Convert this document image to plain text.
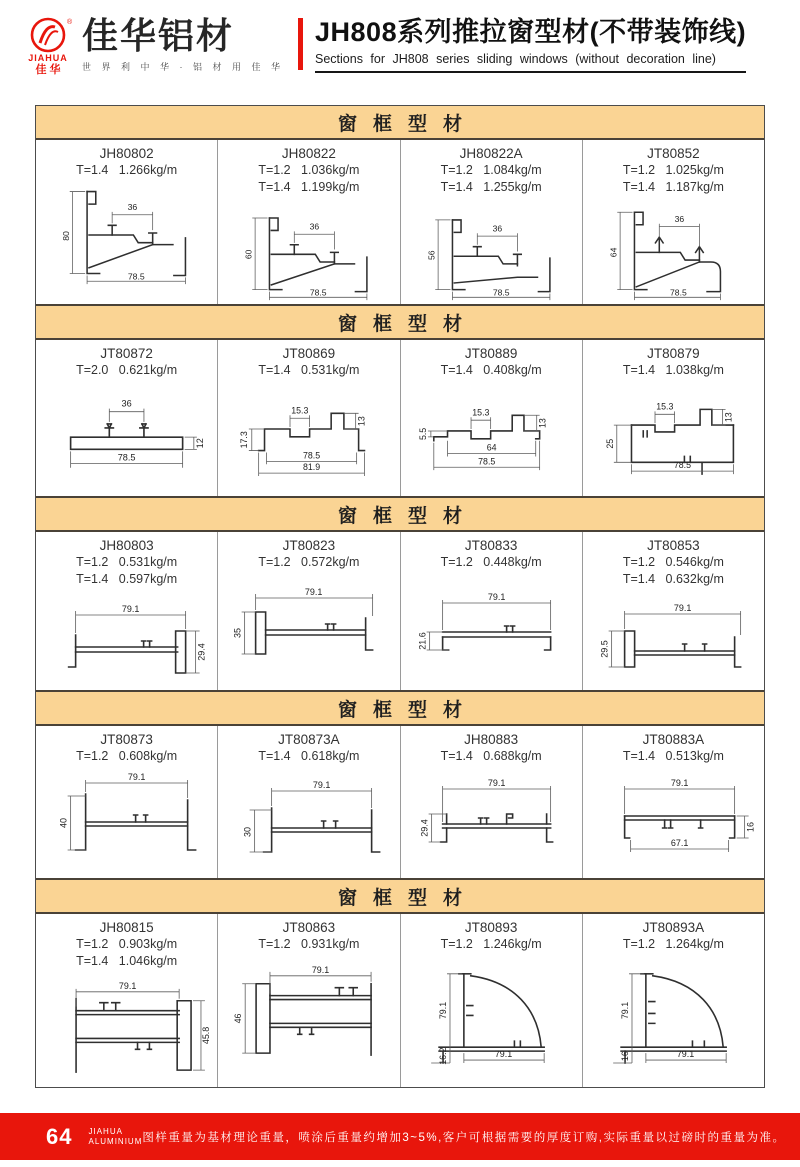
®
JIAHUA
佳 华
佳华铝材
世 界 利 中 华 · 铝 材 用 佳 华
JH808系列推拉窗型材(不带装饰线)
Sections for JH808 series sliding windows (without decoration line)
窗框型材
JH80802
T=1.4   1.266kg/m
36
80
78.5
JH80822
T=1.2   1.036kg/m
T=1.4   1.199kg/m
36
60
78.5
JH80822A
T=1.2   1.084kg/m
T=1.4   1.255kg/m
36
56
78.5
JT80852
T=1.2   1.025kg/m
T=1.4   1.187kg/m
36
64
78.5
窗框型材
JT80872
T=2.0   0.621kg/m
36
12
78.5
JT80869
T=1.4   0.531kg/m
15.3
13
17.3
78.5
81.9
JT80889
T=1.4   0.408kg/m
15.3
13
5.5
64
78.5
JT80879
T=1.4   1.038kg/m
15.3
13
25
78.5
窗框型材
JH80803
T=1.2   0.531kg/m
T=1.4   0.597kg/m
79.1
29.4
JT80823
T=1.2   0.572kg/m
79.1
35
JT80833
T=1.2   0.448kg/m
79.1
21.6
JT80853
T=1.2   0.546kg/m
T=1.4   0.632kg/m
79.1
29.5
窗框型材
JT80873
T=1.2   0.608kg/m
79.1
40
JT80873A
T=1.4   0.618kg/m
79.1
30
JH80883
T=1.4   0.688kg/m
79.1
29.4
JT80883A
T=1.4   0.513kg/m
79.1
16
67.1
窗框型材
JH80815
T=1.2   0.903kg/m
T=1.4   1.046kg/m
79.1
45.8
JT80863
T=1.2   0.931kg/m
79.1
46
JT80893
T=1.2   1.246kg/m
79.1
16.2	79.1
JT80893A
T=1.2   1.264kg/m
79.1
16	79.1
64 JIAHUA
ALUMINIUM 图样重量为基材理论重量，喷涂后重量约增加3~5%,客户可根据需要的厚度订购,实际重量以过磅时的重量为准。
